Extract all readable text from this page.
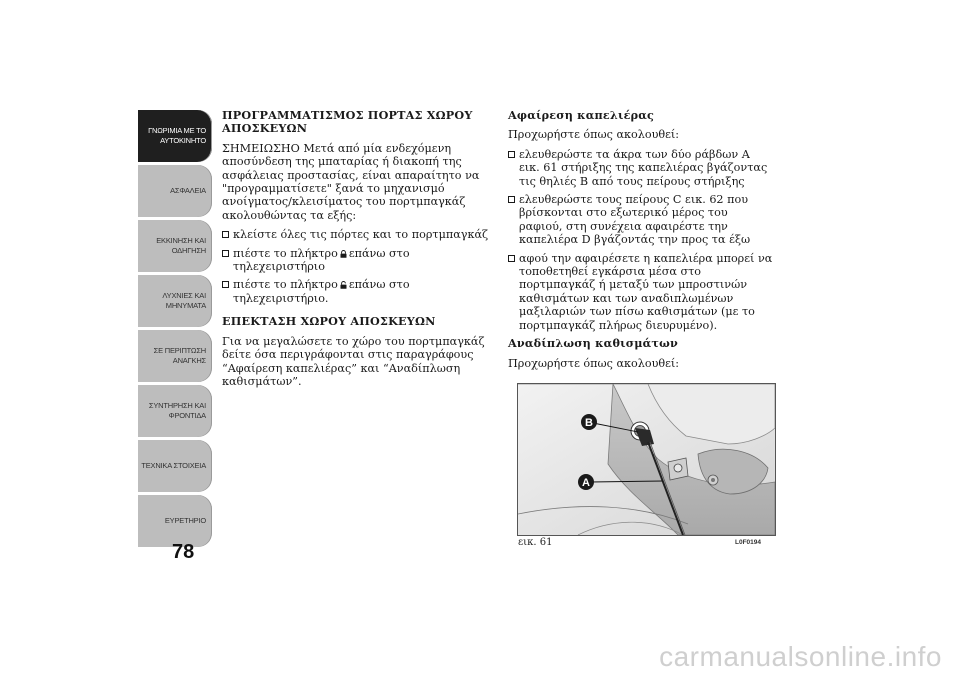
ΓΝΩΡΙΜΙΑ ΜΕ ΤΟ
ΑΥΤΟΚΙΝΗΤΟ
ΑΣΦΑΛΕΙΑ
ΕΚΚΙΝΗΣΗ ΚΑΙ
ΟΔΗΓΗΣΗ
ΛΥΧΝΙΕΣ ΚΑΙ
ΜΗΝΥΜΑΤΑ
ΣΕ ΠΕΡΙΠΤΩΣΗ
ΑΝΑΓΚΗΣ
ΣΥΝΤΗΡΗΣΗ ΚΑΙ
ΦΡΟΝΤΙΔΑ
ΤΕΧΝΙΚΑ ΣΤΟΙΧΕΙΑ
ΕΥΡΕΤΗΡΙΟ
78
ΠΡΟΓΡΑΜΜΑΤΙΣΜΟΣ ΠΟΡΤΑΣ ΧΩΡΟΥ ΑΠΟΣΚΕΥΩΝ

ΣΗΜΕΙΩΣΗΟ Μετά από μία ενδεχόμενη αποσύνδεση της μπαταρίας ή διακοπή της ασφάλειας προστασίας, είναι απαραίτητο να "προγραμματίσετε" ξανά το μηχανισμό ανοίγματος/κλεισίματος του πορτμπαγκάζ ακολουθώντας τα εξής:

κλείστε όλες τις πόρτες και το πορτμπαγκάζ
πιέστε το πλήκτρο επάνω στο τηλεχειριστήριο
πιέστε το πλήκτρο επάνω στο τηλεχειριστήριο.
ΕΠΕΚΤΑΣΗ ΧΩΡΟΥ ΑΠΟΣΚΕΥΩΝ

Για να μεγαλώσετε το χώρο του πορτμπαγκάζ δείτε όσα περιγράφονται στις παραγράφους “Αφαίρεση καπελιέρας” και “Αναδίπλωση καθισμάτων”.

Αφαίρεση καπελιέρας

Προχωρήστε όπως ακολουθεί:

ελευθερώστε τα άκρα των δύο ράβδων A εικ. 61 στήριξης της καπελιέρας βγάζοντας τις θηλιές B από τους πείρους στήριξης
ελευθερώστε τους πείρους C εικ. 62 που βρίσκονται στο εξωτερικό μέρος του ραφιού, στη συνέχεια αφαιρέστε την καπελιέρα D βγάζοντάς την προς τα έξω
αφού την αφαιρέσετε η καπελιέρα μπορεί να τοποθετηθεί εγκάρσια μέσα στο πορτμπαγκάζ ή μεταξύ των μπροστινών καθισμάτων και των αναδιπλωμένων μαξιλαριών των πίσω καθισμάτων (με το πορτμπαγκάζ πλήρως διευρυμένο).
Αναδίπλωση καθισμάτων

Προχωρήστε όπως ακολουθεί:

B
A
εικ. 61	L0F0194
carmanualsonline.info
